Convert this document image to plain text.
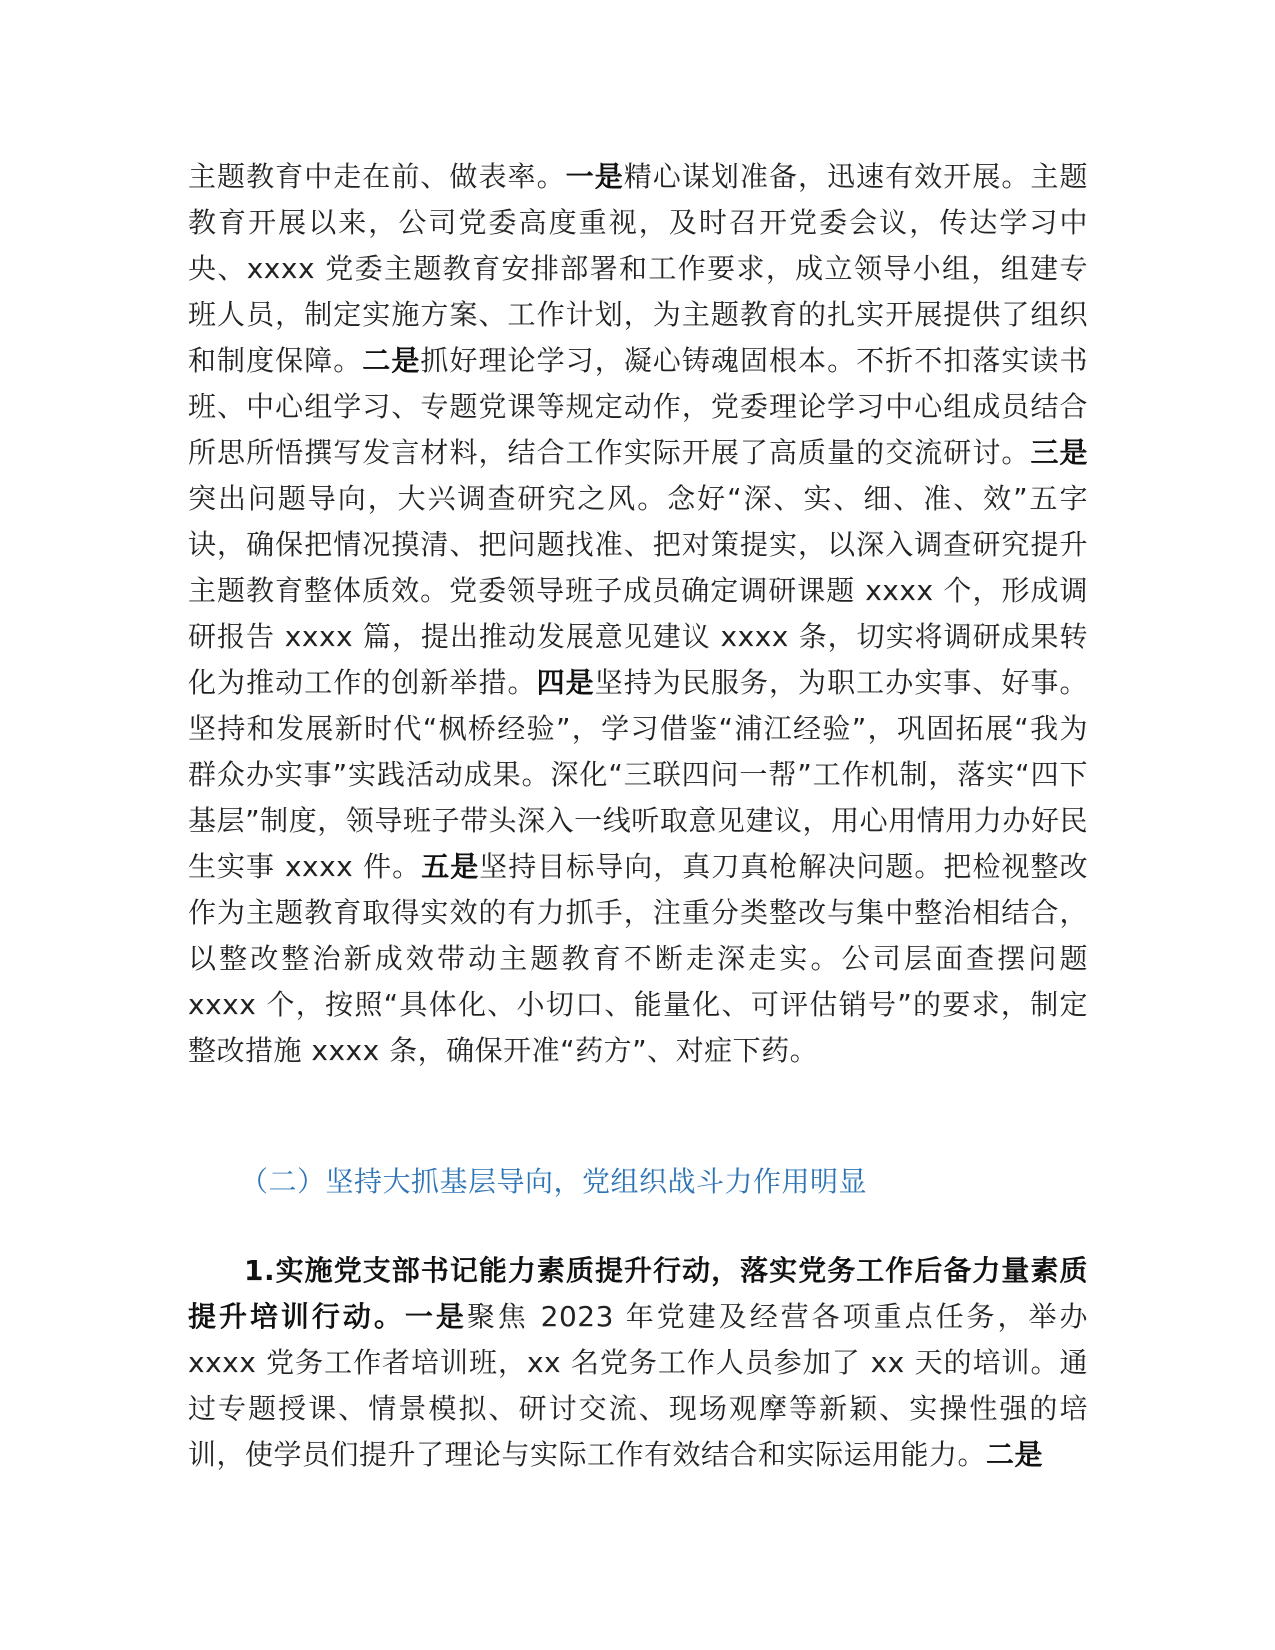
主题教育中走在前、做表率。一是精心谋划准备，迅速有效开展。主题教育开展以来，公司党委高度重视，及时召开党委会议，传达学习中央、xxxx 党委主题教育安排部署和工作要求，成立领导小组，组建专班人员，制定实施方案、工作计划，为主题教育的扎实开展提供了组织和制度保障。二是抓好理论学习，凝心铸魂固根本。不折不扣落实读书班、中心组学习、专题党课等规定动作，党委理论学习中心组成员结合所思所悟撰写发言材料，结合工作实际开展了高质量的交流研讨。三是突出问题导向，大兴调查研究之风。念好“深、实、细、准、效”五字诀，确保把情况摸清、把问题找准、把对策提实，以深入调查研究提升主题教育整体质效。党委领导班子成员确定调研课题 xxxx 个，形成调研报告 xxxx 篇，提出推动发展意见建议 xxxx 条，切实将调研成果转化为推动工作的创新举措。四是坚持为民服务，为职工办实事、好事。坚持和发展新时代“枫桥经验”，学习借鉴“浦江经验”，巩固拓展“我为群众办实事”实践活动成果。深化“三联四问一帮”工作机制，落实“四下基层”制度，领导班子带头深入一线听取意见建议，用心用情用力办好民生实事 xxxx 件。五是坚持目标导向，真刀真枪解决问题。把检视整改作为主题教育取得实效的有力抓手，注重分类整改与集中整治相结合，以整改整治新成效带动主题教育不断走深走实。公司层面查摆问题 xxxx 个，按照“具体化、小切口、能量化、可评估销号”的要求，制定整改措施 xxxx 条，确保开准“药方”、对症下药。

（二）坚持大抓基层导向，党组织战斗力作用明显

1.实施党支部书记能力素质提升行动，落实党务工作后备力量素质提升培训行动。一是聚焦 2023 年党建及经营各项重点任务，举办 xxxx 党务工作者培训班，xx 名党务工作人员参加了 xx 天的培训。通过专题授课、情景模拟、研讨交流、现场观摩等新颖、实操性强的培训，使学员们提升了理论与实际工作有效结合和实际运用能力。二是
